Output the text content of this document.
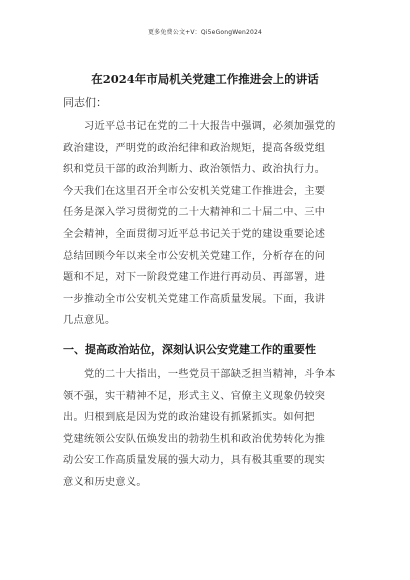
更多免费公文+V：Qi5eGongWen2024
在2024年市局机关党建工作推进会上的讲话
同志们：
　　习近平总书记在党的二十大报告中强调，必须加强党的
政治建设，严明党的政治纪律和政治规矩，提高各级党组
织和党员干部的政治判断力、政治领悟力、政治执行力。
今天我们在这里召开全市公安机关党建工作推进会，主要
任务是深入学习贯彻党的二十大精神和二十届二中、三中
全会精神，全面贯彻习近平总书记关于党的建设重要论述
总结回顾今年以来全市公安机关党建工作，分析存在的问
题和不足，对下一阶段党建工作进行再动员、再部署，进
一步推动全市公安机关党建工作高质量发展。下面，我讲
几点意见。
一、提高政治站位，深刻认识公安党建工作的重要性
　　党的二十大指出，一些党员干部缺乏担当精神，斗争本
领不强，实干精神不足，形式主义、官僚主义现象仍较突
出。归根到底是因为党的政治建设有抓紧抓实。如何把
党建统领公安队伍焕发出的勃勃生机和政治优势转化为推
动公安工作高质量发展的强大动力，具有极其重要的现实
意义和历史意义。
